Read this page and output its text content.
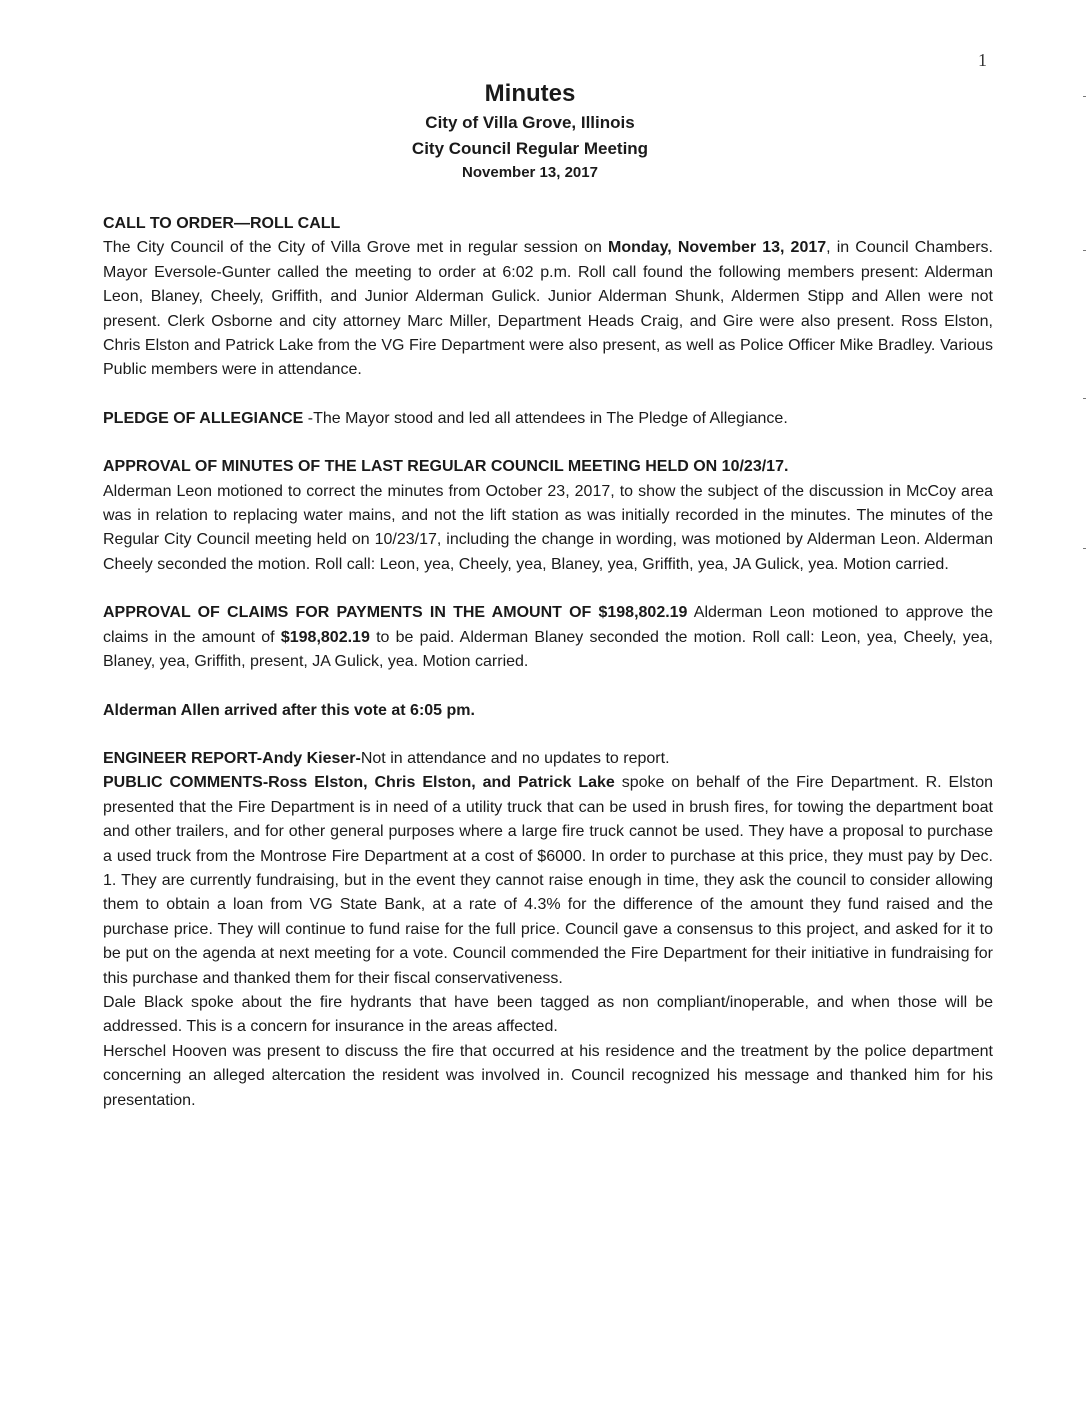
1
Minutes
City of Villa Grove, Illinois
City Council Regular Meeting
November 13, 2017

CALL TO ORDER—ROLL CALL

The City Council of the City of Villa Grove met in regular session on Monday, November 13, 2017, in Council Chambers. Mayor Eversole-Gunter called the meeting to order at 6:02 p.m. Roll call found the following members present: Alderman Leon, Blaney, Cheely, Griffith, and Junior Alderman Gulick. Junior Alderman Shunk, Aldermen Stipp and Allen were not present. Clerk Osborne and city attorney Marc Miller, Department Heads Craig, and Gire were also present. Ross Elston, Chris Elston and Patrick Lake from the VG Fire Department were also present, as well as Police Officer Mike Bradley. Various Public members were in attendance.

PLEDGE OF ALLEGIANCE -The Mayor stood and led all attendees in The Pledge of Allegiance.

APPROVAL OF MINUTES OF THE LAST REGULAR COUNCIL MEETING HELD ON 10/23/17.

Alderman Leon motioned to correct the minutes from October 23, 2017, to show the subject of the discussion in McCoy area was in relation to replacing water mains, and not the lift station as was initially recorded in the minutes. The minutes of the Regular City Council meeting held on 10/23/17, including the change in wording, was motioned by Alderman Leon. Alderman Cheely seconded the motion. Roll call: Leon, yea, Cheely, yea, Blaney, yea, Griffith, yea, JA Gulick, yea. Motion carried.

APPROVAL OF CLAIMS FOR PAYMENTS IN THE AMOUNT OF $198,802.19 Alderman Leon motioned to approve the claims in the amount of $198,802.19 to be paid. Alderman Blaney seconded the motion. Roll call: Leon, yea, Cheely, yea, Blaney, yea, Griffith, present, JA Gulick, yea. Motion carried.

Alderman Allen arrived after this vote at 6:05 pm.

ENGINEER REPORT-Andy Kieser-Not in attendance and no updates to report.

PUBLIC COMMENTS-Ross Elston, Chris Elston, and Patrick Lake spoke on behalf of the Fire Department. R. Elston presented that the Fire Department is in need of a utility truck that can be used in brush fires, for towing the department boat and other trailers, and for other general purposes where a large fire truck cannot be used. They have a proposal to purchase a used truck from the Montrose Fire Department at a cost of $6000. In order to purchase at this price, they must pay by Dec. 1. They are currently fundraising, but in the event they cannot raise enough in time, they ask the council to consider allowing them to obtain a loan from VG State Bank, at a rate of 4.3% for the difference of the amount they fund raised and the purchase price. They will continue to fund raise for the full price. Council gave a consensus to this project, and asked for it to be put on the agenda at next meeting for a vote. Council commended the Fire Department for their initiative in fundraising for this purchase and thanked them for their fiscal conservativeness.

Dale Black spoke about the fire hydrants that have been tagged as non compliant/inoperable, and when those will be addressed. This is a concern for insurance in the areas affected.

Herschel Hooven was present to discuss the fire that occurred at his residence and the treatment by the police department concerning an alleged altercation the resident was involved in. Council recognized his message and thanked him for his presentation.
